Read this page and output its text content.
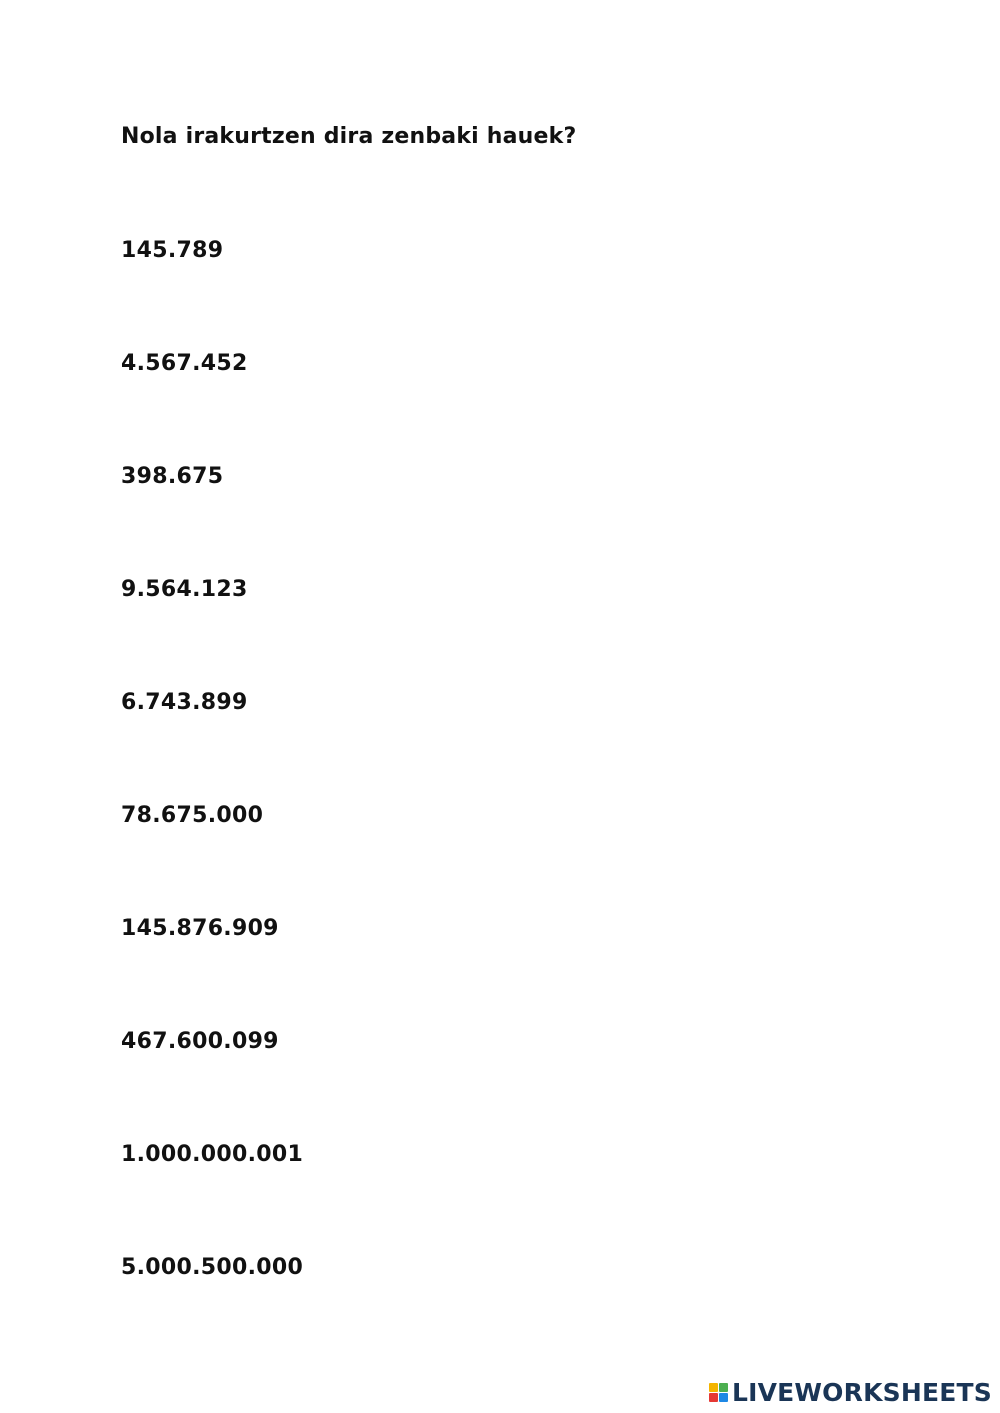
Nola irakurtzen dira zenbaki hauek?
145.789
4.567.452
398.675
9.564.123
6.743.899
78.675.000
145.876.909
467.600.099
1.000.000.001
5.000.500.000
LIVEWORKSHEETS
